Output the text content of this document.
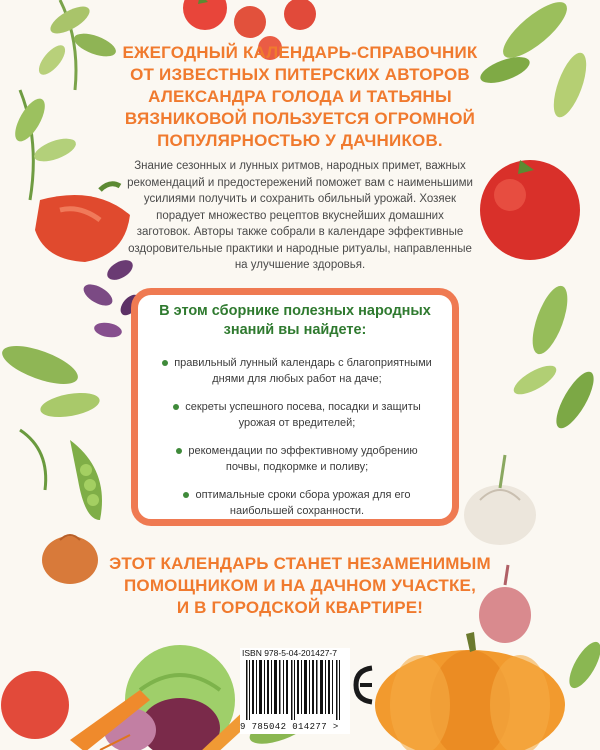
ЕЖЕГОДНЫЙ КАЛЕНДАРЬ-СПРАВОЧНИК
ОТ ИЗВЕСТНЫХ ПИТЕРСКИХ АВТОРОВ
АЛЕКСАНДРА ГОЛОДА И ТАТЬЯНЫ
ВЯЗНИКОВОЙ ПОЛЬЗУЕТСЯ ОГРОМНОЙ
ПОПУЛЯРНОСТЬЮ У ДАЧНИКОВ.
Знание сезонных и лунных ритмов, народных примет, важных
рекомендаций и предостережений поможет вам с наименьшими
усилиями получить и сохранить обильный урожай. Хозяек
порадует множество рецептов вкуснейших домашних
заготовок. Авторы также собрали в календаре эффективные
оздоровительные практики и народные ритуалы, направленные
на улучшение здоровья.
В этом сборнике полезных народных
знаний вы найдете:
правильный лунный календарь с благоприятными
днями для любых работ на даче;
секреты успешного посева, посадки и защиты
урожая от вредителей;
рекомендации по эффективному удобрению
почвы, подкормке и поливу;
оптимальные сроки сбора урожая для его
наибольшей сохранности.
ЭТОТ КАЛЕНДАРЬ СТАНЕТ НЕЗАМЕНИМЫМ
ПОМОЩНИКОМ И НА ДАЧНОМ УЧАСТКЕ,
И В ГОРОДСКОЙ КВАРТИРЕ!
ISBN 978-5-04-201427-7
9 785042 014277 >
